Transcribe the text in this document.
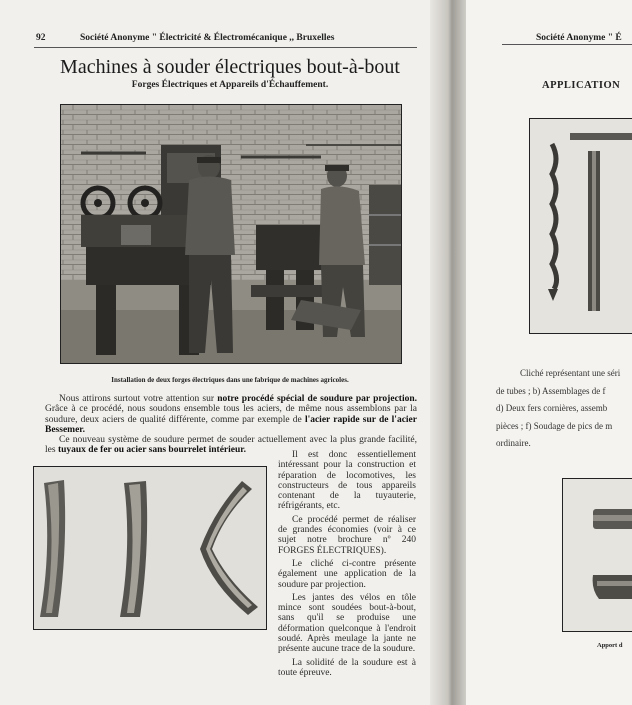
92	Société Anonyme " Électricité & Électromécanique ,, Bruxelles
Machines à souder électriques bout-à-bout
Forges Électriques et Appareils d'Échauffement.
Installation de deux forges électriques dans une fabrique de machines agricoles.

Nous attirons surtout votre attention sur notre procédé spécial de soudure par projection. Grâce à ce procédé, nous soudons ensemble tous les aciers, de même nous assemblons par la soudure, deux aciers de qualité différente, comme par exemple de l'acier rapide sur de l'acier Bessemer.

Ce nouveau système de soudure permet de souder actuellement avec la plus grande facilité, les tuyaux de fer ou acier sans bourrelet intérieur.	Il est donc essentiellement intéressant pour la construction et réparation de locomotives, les constructeurs de tous appareils contenant de la tuyauterie, réfrigérants, etc.

Ce procédé permet de réaliser de grandes économies (voir à ce sujet notre brochure nº 240 FORGES ÉLECTRIQUES).

Le cliché ci-contre présente également une application de la soudure par projection.

Les jantes des vélos en tôle mince sont soudées bout-à-bout, sans qu'il se produise une déformation quelconque à l'endroit soudé. Après meulage la jante ne présente aucune trace de la soudure.

La solidité de la soudure est à toute épreuve.

Société Anonyme " É
APPLICATION
Cliché représentant une séri
de tubes ; b) Assemblages de f
d) Deux fers cornières, assemb
pièces ; f) Soudage de pics de m
ordinaire.
Apport d
